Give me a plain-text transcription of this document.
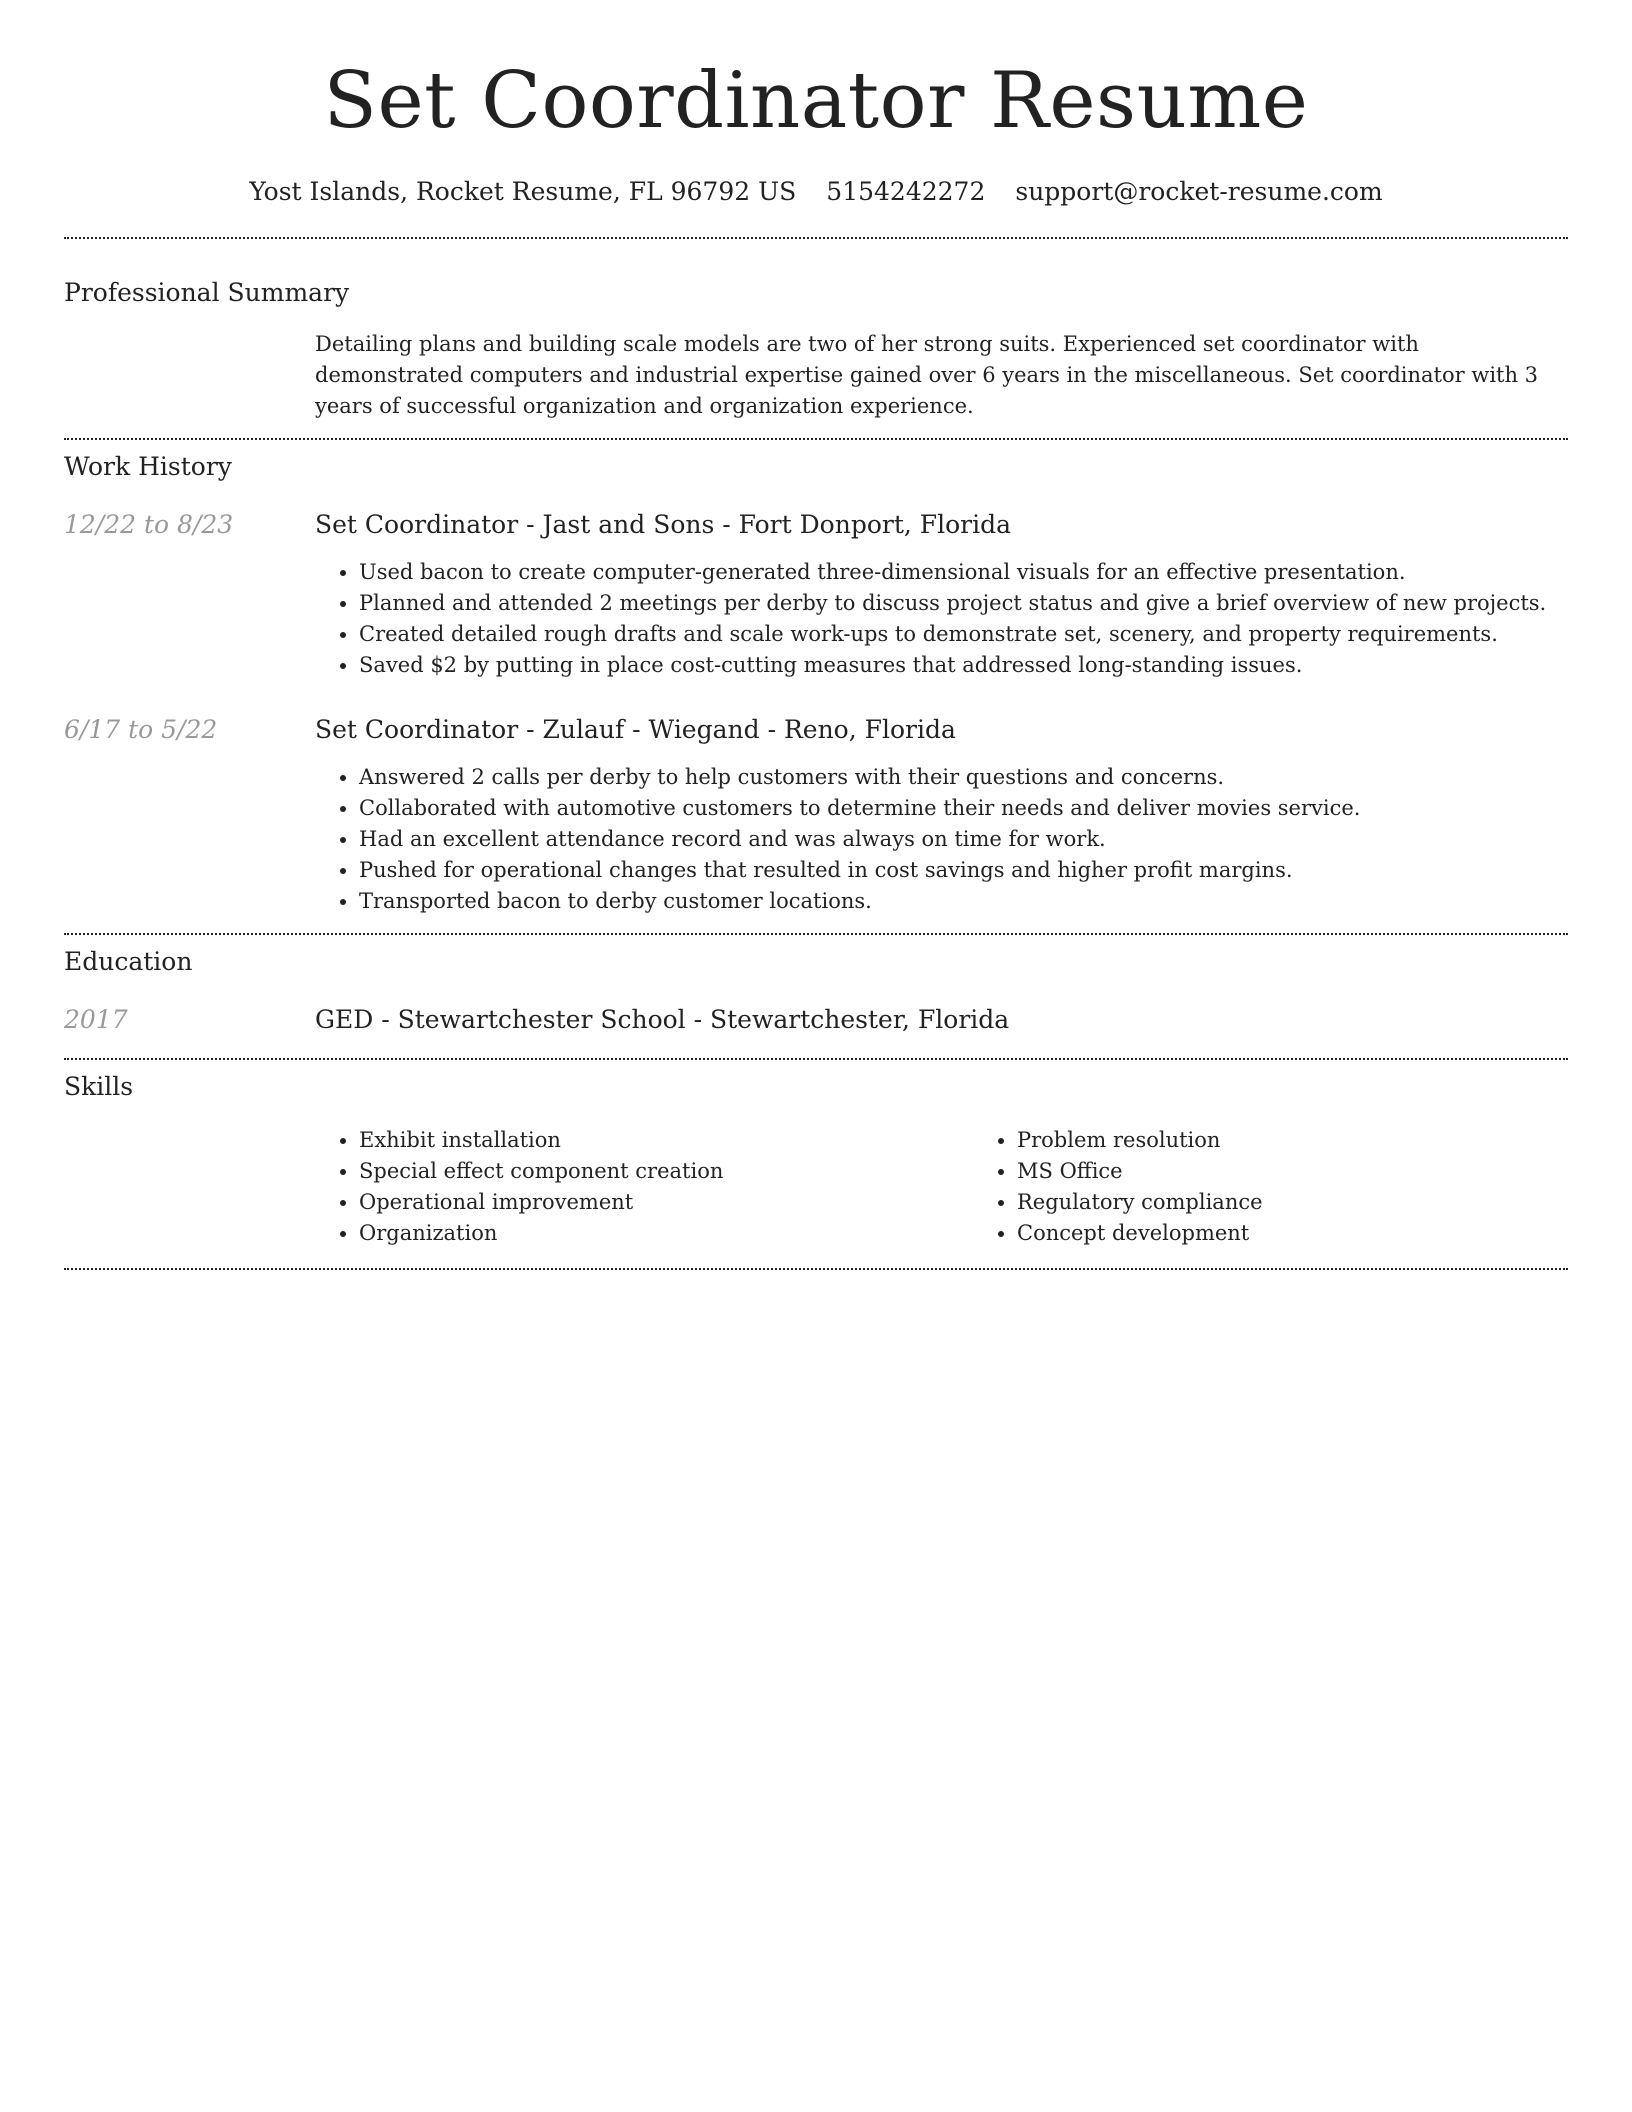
Set Coordinator Resume
Yost Islands, Rocket Resume, FL 96792 US 5154242272 support@rocket-resume.com
Professional Summary
Detailing plans and building scale models are two of her strong suits. Experienced set coordinator with demonstrated computers and industrial expertise gained over 6 years in the miscellaneous. Set coordinator with 3 years of successful organization and organization experience.
Work History
12/22 to 8/23	Set Coordinator - Jast and Sons - Fort Donport, Florida
• Used bacon to create computer-generated three-dimensional visuals for an effective presentation.
• Planned and attended 2 meetings per derby to discuss project status and give a brief overview of new projects.
• Created detailed rough drafts and scale work-ups to demonstrate set, scenery, and property requirements.
• Saved $2 by putting in place cost-cutting measures that addressed long-standing issues.
6/17 to 5/22	Set Coordinator - Zulauf - Wiegand - Reno, Florida
• Answered 2 calls per derby to help customers with their questions and concerns.
• Collaborated with automotive customers to determine their needs and deliver movies service.
• Had an excellent attendance record and was always on time for work.
• Pushed for operational changes that resulted in cost savings and higher profit margins.
• Transported bacon to derby customer locations.
Education
2017	GED - Stewartchester School - Stewartchester, Florida
Skills
• Exhibit installation
• Special effect component creation
• Operational improvement
• Organization
• Problem resolution
• MS Office
• Regulatory compliance
• Concept development
